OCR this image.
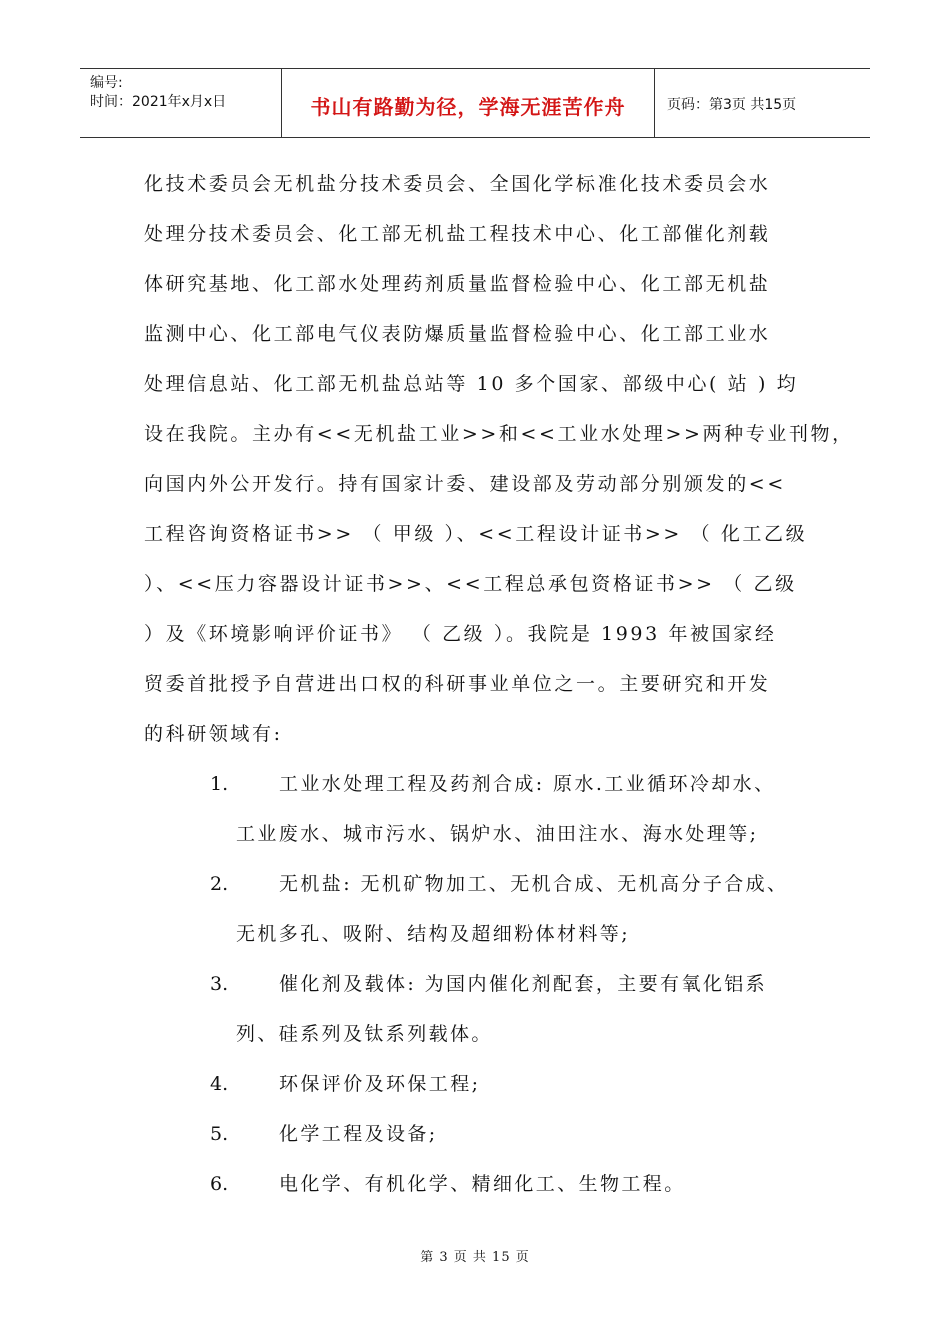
编号:
时间：2021年x月x日	书山有路勤为径，学海无涯苦作舟	页码：第3页 共15页
化技术委员会无机盐分技术委员会、全国化学标准化技术委员会水
处理分技术委员会、化工部无机盐工程技术中心、化工部催化剂载
体研究基地、化工部水处理药剂质量监督检验中心、化工部无机盐
监测中心、化工部电气仪表防爆质量监督检验中心、化工部工业水
处理信息站、化工部无机盐总站等 10 多个国家、部级中心( 站 ) 均
设在我院。主办有<<无机盐工业>>和<<工业水处理>>两种专业刊物，
向国内外公开发行。持有国家计委、建设部及劳动部分别颁发的<<
工程咨询资格证书>> （ 甲级 ）、<<工程设计证书>> （ 化工乙级
）、<<压力容器设计证书>>、<<工程总承包资格证书>> （ 乙级
）及《环境影响评价证书》 （ 乙级 ）。我院是 1993 年被国家经
贸委首批授予自营进出口权的科研事业单位之一。主要研究和开发
的科研领域有:
1.	工业水处理工程及药剂合成: 原水.工业循环冷却水、
工业废水、城市污水、锅炉水、油田注水、海水处理等;
2.	无机盐: 无机矿物加工、无机合成、无机高分子合成、
无机多孔、吸附、结构及超细粉体材料等;
3.	催化剂及载体: 为国内催化剂配套，主要有氧化铝系
列、硅系列及钛系列载体。
4.	环保评价及环保工程;
5.	化学工程及设备;
6.	电化学、有机化学、精细化工、生物工程。
第 3 页 共 15 页
